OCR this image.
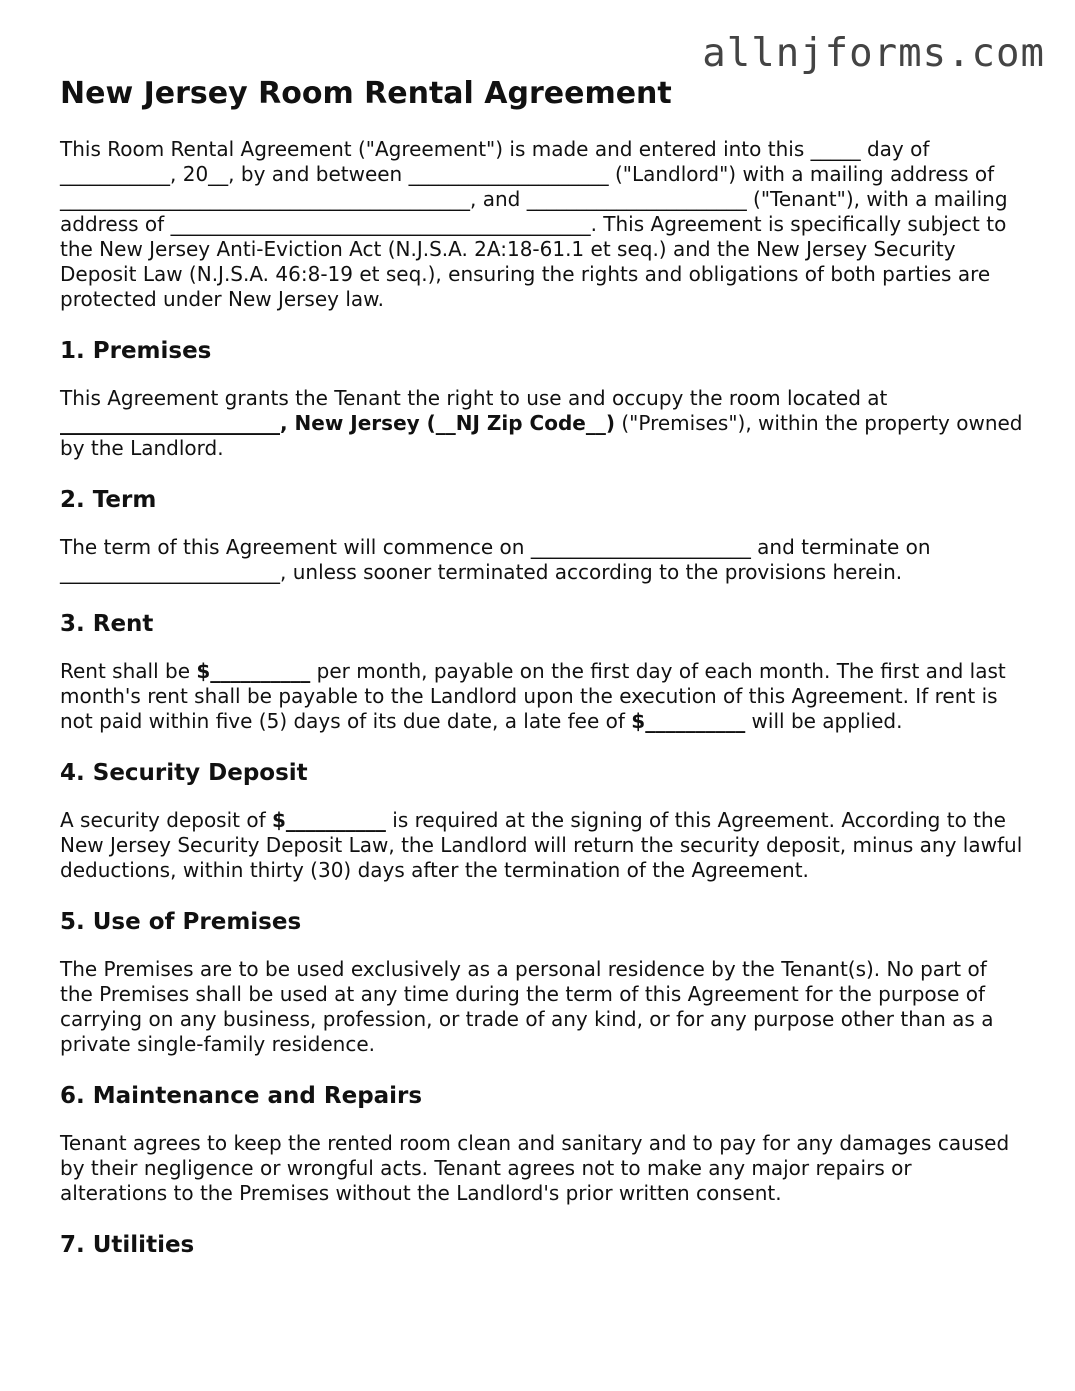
allnjforms.com
New Jersey Room Rental Agreement

This Room Rental Agreement ("Agreement") is made and entered into this _____ day of ___________, 20__, by and between ____________________ ("Landlord") with a mailing address of _________________________________________, and ______________________ ("Tenant"), with a mailing address of __________________________________________. This Agreement is specifically subject to the New Jersey Anti-Eviction Act (N.J.S.A. 2A:18-61.1 et seq.) and the New Jersey Security Deposit Law (N.J.S.A. 46:8-19 et seq.), ensuring the rights and obligations of both parties are protected under New Jersey law.

1. Premises

This Agreement grants the Tenant the right to use and occupy the room located at ______________________, New Jersey (__NJ Zip Code__) ("Premises"), within the property owned by the Landlord.

2. Term

The term of this Agreement will commence on ______________________ and terminate on ______________________, unless sooner terminated according to the provisions herein.

3. Rent

Rent shall be $__________ per month, payable on the first day of each month. The first and last month's rent shall be payable to the Landlord upon the execution of this Agreement. If rent is not paid within five (5) days of its due date, a late fee of $__________ will be applied.

4. Security Deposit

A security deposit of $__________ is required at the signing of this Agreement. According to the New Jersey Security Deposit Law, the Landlord will return the security deposit, minus any lawful deductions, within thirty (30) days after the termination of the Agreement.

5. Use of Premises

The Premises are to be used exclusively as a personal residence by the Tenant(s). No part of the Premises shall be used at any time during the term of this Agreement for the purpose of carrying on any business, profession, or trade of any kind, or for any purpose other than as a private single-family residence.

6. Maintenance and Repairs

Tenant agrees to keep the rented room clean and sanitary and to pay for any damages caused by their negligence or wrongful acts. Tenant agrees not to make any major repairs or alterations to the Premises without the Landlord's prior written consent.

7. Utilities
